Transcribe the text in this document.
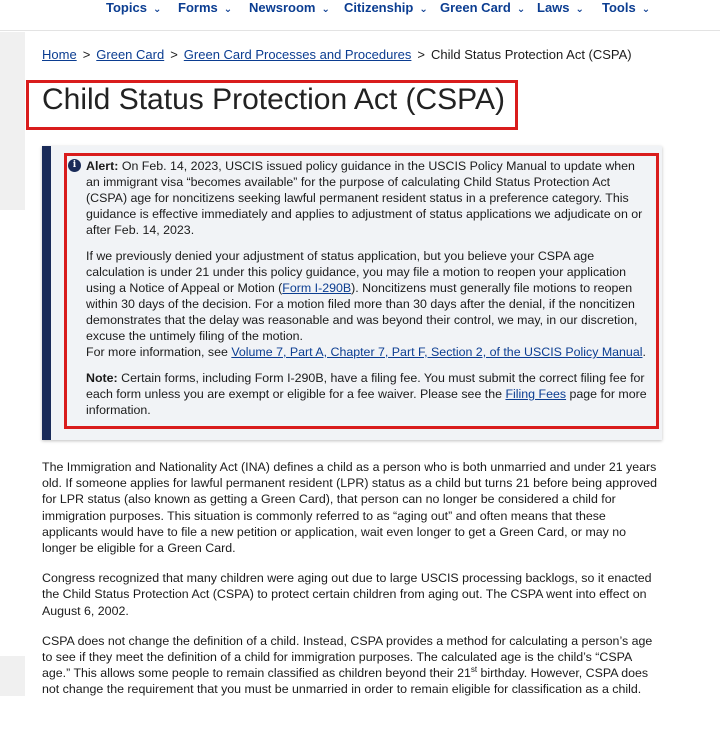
Topics ⌄ Forms ⌄ Newsroom ⌄ Citizenship ⌄ Green Card ⌄ Laws ⌄ Tools ⌄
Home > Green Card > Green Card Processes and Procedures > Child Status Protection Act (CSPA)
Child Status Protection Act (CSPA)
i Alert: On Feb. 14, 2023, USCIS issued policy guidance in the USCIS Policy Manual to update when an immigrant visa “becomes available” for the purpose of calculating Child Status Protection Act (CSPA) age for noncitizens seeking lawful permanent resident status in a preference category. This guidance is effective immediately and applies to adjustment of status applications we adjudicate on or after Feb. 14, 2023.

If we previously denied your adjustment of status application, but you believe your CSPA age calculation is under 21 under this policy guidance, you may file a motion to reopen your application using a Notice of Appeal or Motion (Form I-290B). Noncitizens must generally file motions to reopen within 30 days of the decision. For a motion filed more than 30 days after the denial, if the noncitizen demonstrates that the delay was reasonable and was beyond their control, we may, in our discretion, excuse the untimely filing of the motion.

For more information, see Volume 7, Part A, Chapter 7, Part F, Section 2, of the USCIS Policy Manual.

Note: Certain forms, including Form I-290B, have a filing fee. You must submit the correct filing fee for each form unless you are exempt or eligible for a fee waiver. Please see the Filing Fees page for more information.

The Immigration and Nationality Act (INA) defines a child as a person who is both unmarried and under 21 years old. If someone applies for lawful permanent resident (LPR) status as a child but turns 21 before being approved for LPR status (also known as getting a Green Card), that person can no longer be considered a child for immigration purposes. This situation is commonly referred to as “aging out” and often means that these applicants would have to file a new petition or application, wait even longer to get a Green Card, or may no longer be eligible for a Green Card.

Congress recognized that many children were aging out due to large USCIS processing backlogs, so it enacted the Child Status Protection Act (CSPA) to protect certain children from aging out. The CSPA went into effect on August 6, 2002.

CSPA does not change the definition of a child. Instead, CSPA provides a method for calculating a person’s age to see if they meet the definition of a child for immigration purposes. The calculated age is the child’s “CSPA age.” This allows some people to remain classified as children beyond their 21st birthday. However, CSPA does not change the requirement that you must be unmarried in order to remain eligible for classification as a child.
